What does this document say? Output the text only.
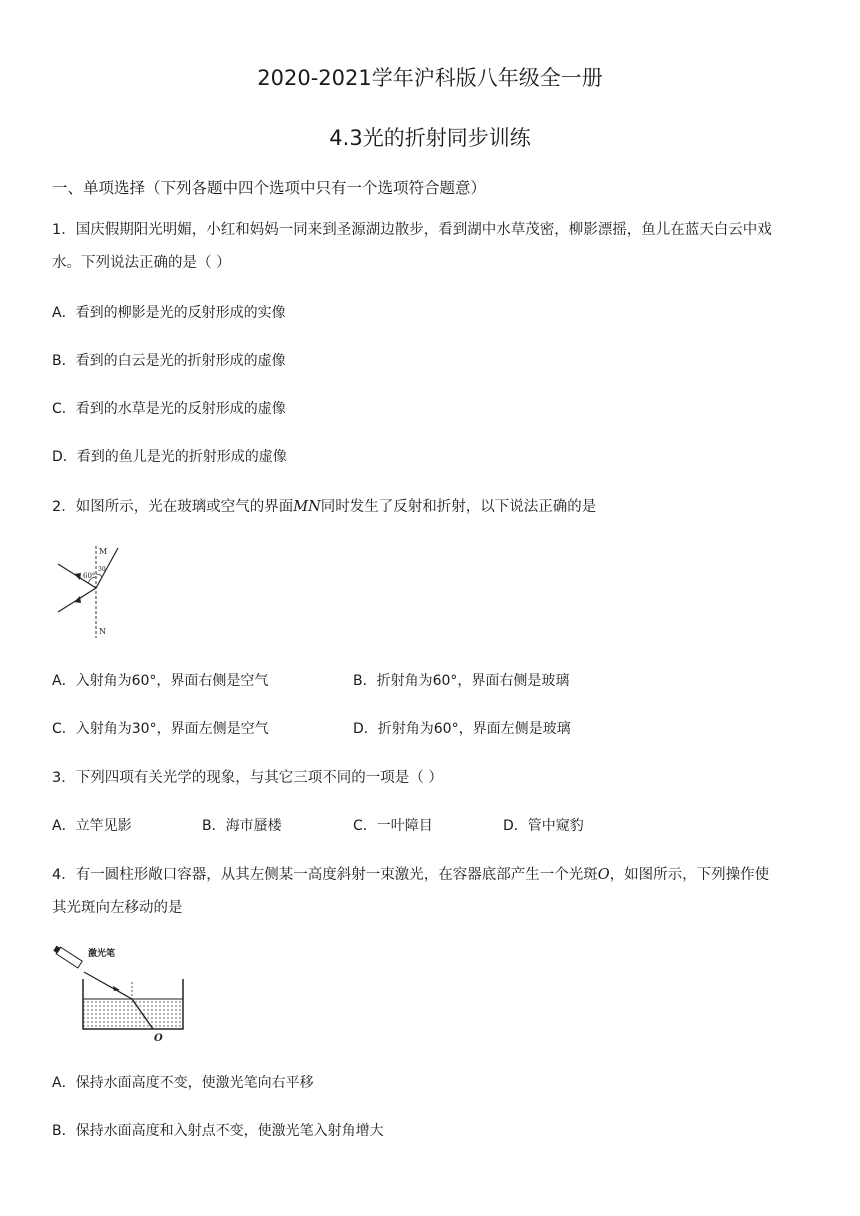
2020-2021学年沪科版八年级全一册
4.3光的折射同步训练
一、单项选择（下列各题中四个选项中只有一个选项符合题意）
1．国庆假期阳光明媚，小红和妈妈一同来到圣源湖边散步，看到湖中水草茂密，柳影漂摇，鱼儿在蓝天白云中戏
水。下列说法正确的是（ ）
A．看到的柳影是光的反射形成的实像
B．看到的白云是光的折射形成的虚像
C．看到的水草是光的反射形成的虚像
D．看到的鱼儿是光的折射形成的虚像
2．如图所示，光在玻璃或空气的界面MN同时发生了反射和折射，以下说法正确的是
M
N
60°
30
A．入射角为60°，界面右侧是空气	B．折射角为60°，界面右侧是玻璃
C．入射角为30°，界面左侧是空气	D．折射角为60°，界面左侧是玻璃
3．下列四项有关光学的现象，与其它三项不同的一项是（ ）
A．立竿见影	B．海市蜃楼	C．一叶障目	D．管中窥豹
4．有一圆柱形敞口容器，从其左侧某一高度斜射一束激光，在容器底部产生一个光斑O，如图所示，下列操作使
其光斑向左移动的是
激光笔
O
A．保持水面高度不变，使激光笔向右平移
B．保持水面高度和入射点不变，使激光笔入射角增大
